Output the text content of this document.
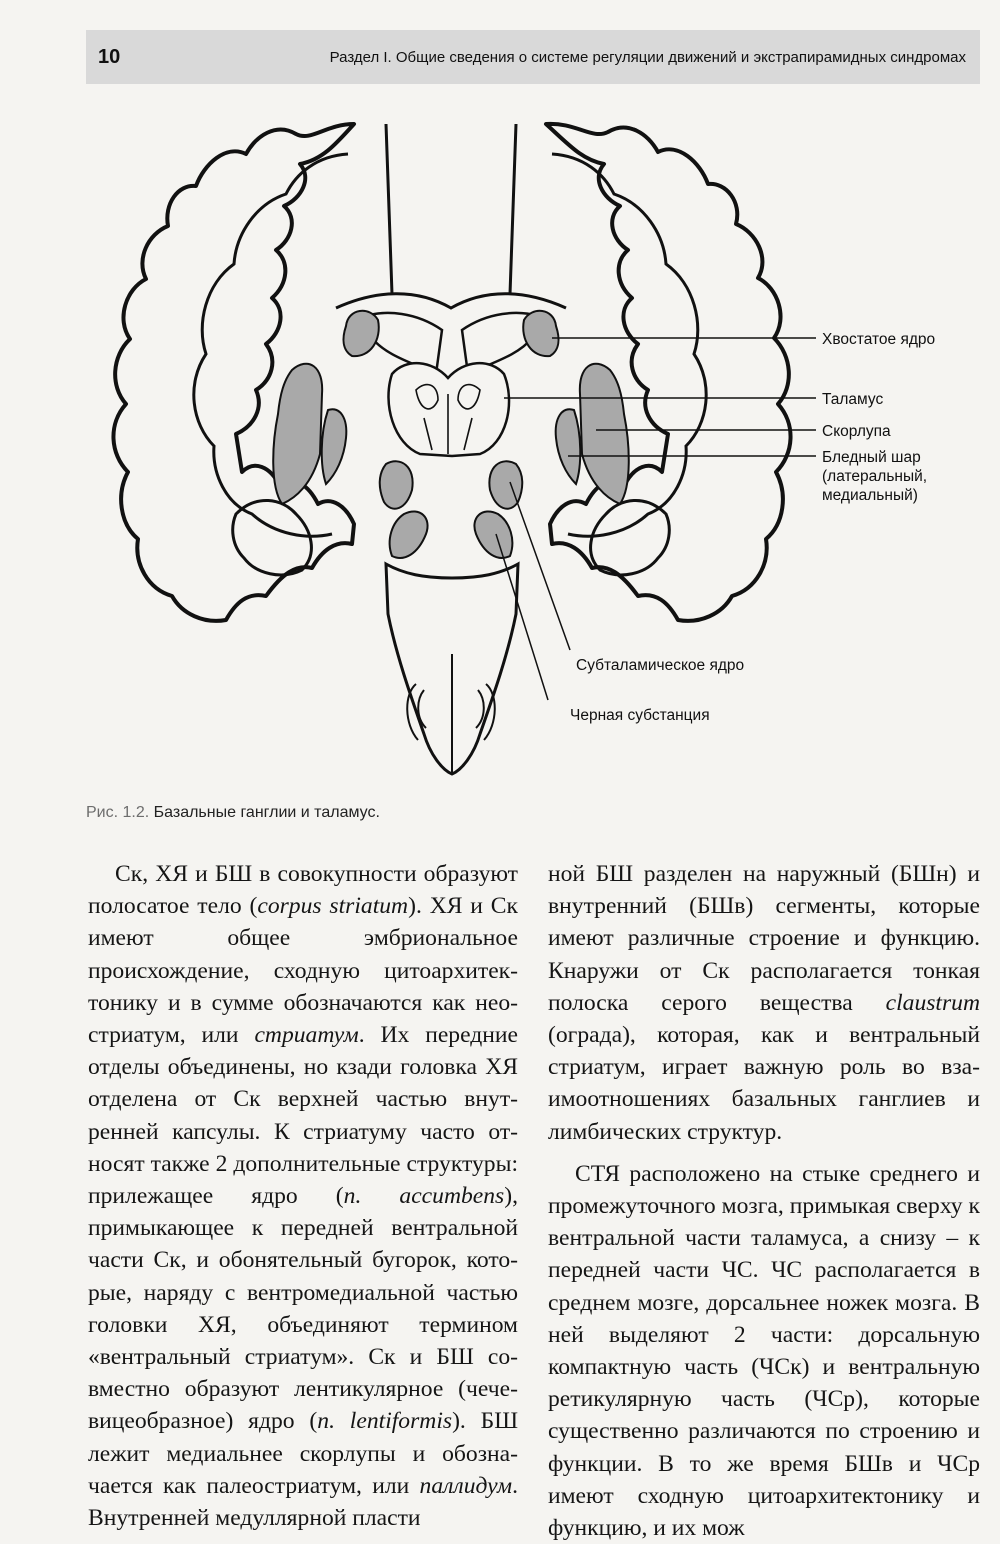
10	Раздел I. Общие сведения о системе регуляции движений и экстрапирамидных синдромах
Хвостатое ядро
Таламус
Скорлупа
Бледный шар
(латеральный,
медиальный)
Субталамическое ядро
Черная субстанция
Рис. 1.2. Базальные ганглии и таламус.

Ск, ХЯ и БШ в совокупности образуют полосатое тело (corpus striatum). ХЯ и Ск имеют общее эмбриональное происхождение, сходную цитоархитектонику и в сумме обозначаются как неостриатум, или стриатум. Их передние отделы объединены, но кзади головка ХЯ отделена от Ск верхней частью внутренней капсулы. К стриатуму часто относят также 2 дополнительные структуры: прилежащее ядро (n. accumbens), примыкающее к передней вентральной части Ск, и обонятельный бугорок, которые, наряду с вентромедиальной частью головки ХЯ, объединяют термином «вентральный стриатум». Ск и БШ совместно образуют лентикулярное (чечевицеобразное) ядро (n. lentiformis). БШ лежит медиальнее скорлупы и обозначается как палеостриатум, или паллидум. Внутренней медуллярной пласти

ной БШ разделен на наружный (БШн) и внутренний (БШв) сегменты, которые имеют различные строение и функцию. Кнаружи от Ск располагается тонкая полоска серого вещества claustrum (ограда), которая, как и вентральный стриатум, играет важную роль во взаимоотношениях базальных ганглиев и лимбических структур.

СТЯ расположено на стыке среднего и промежуточного мозга, примыкая сверху к вентральной части таламуса, а снизу – к передней части ЧС. ЧС располагается в среднем мозге, дорсальнее ножек мозга. В ней выделяют 2 части: дорсальную компактную часть (ЧСк) и вентральную ретикулярную часть (ЧСр), которые существенно различаются по строению и функции. В то же время БШв и ЧСр имеют сходную цитоархитектонику и функцию, и их мож
